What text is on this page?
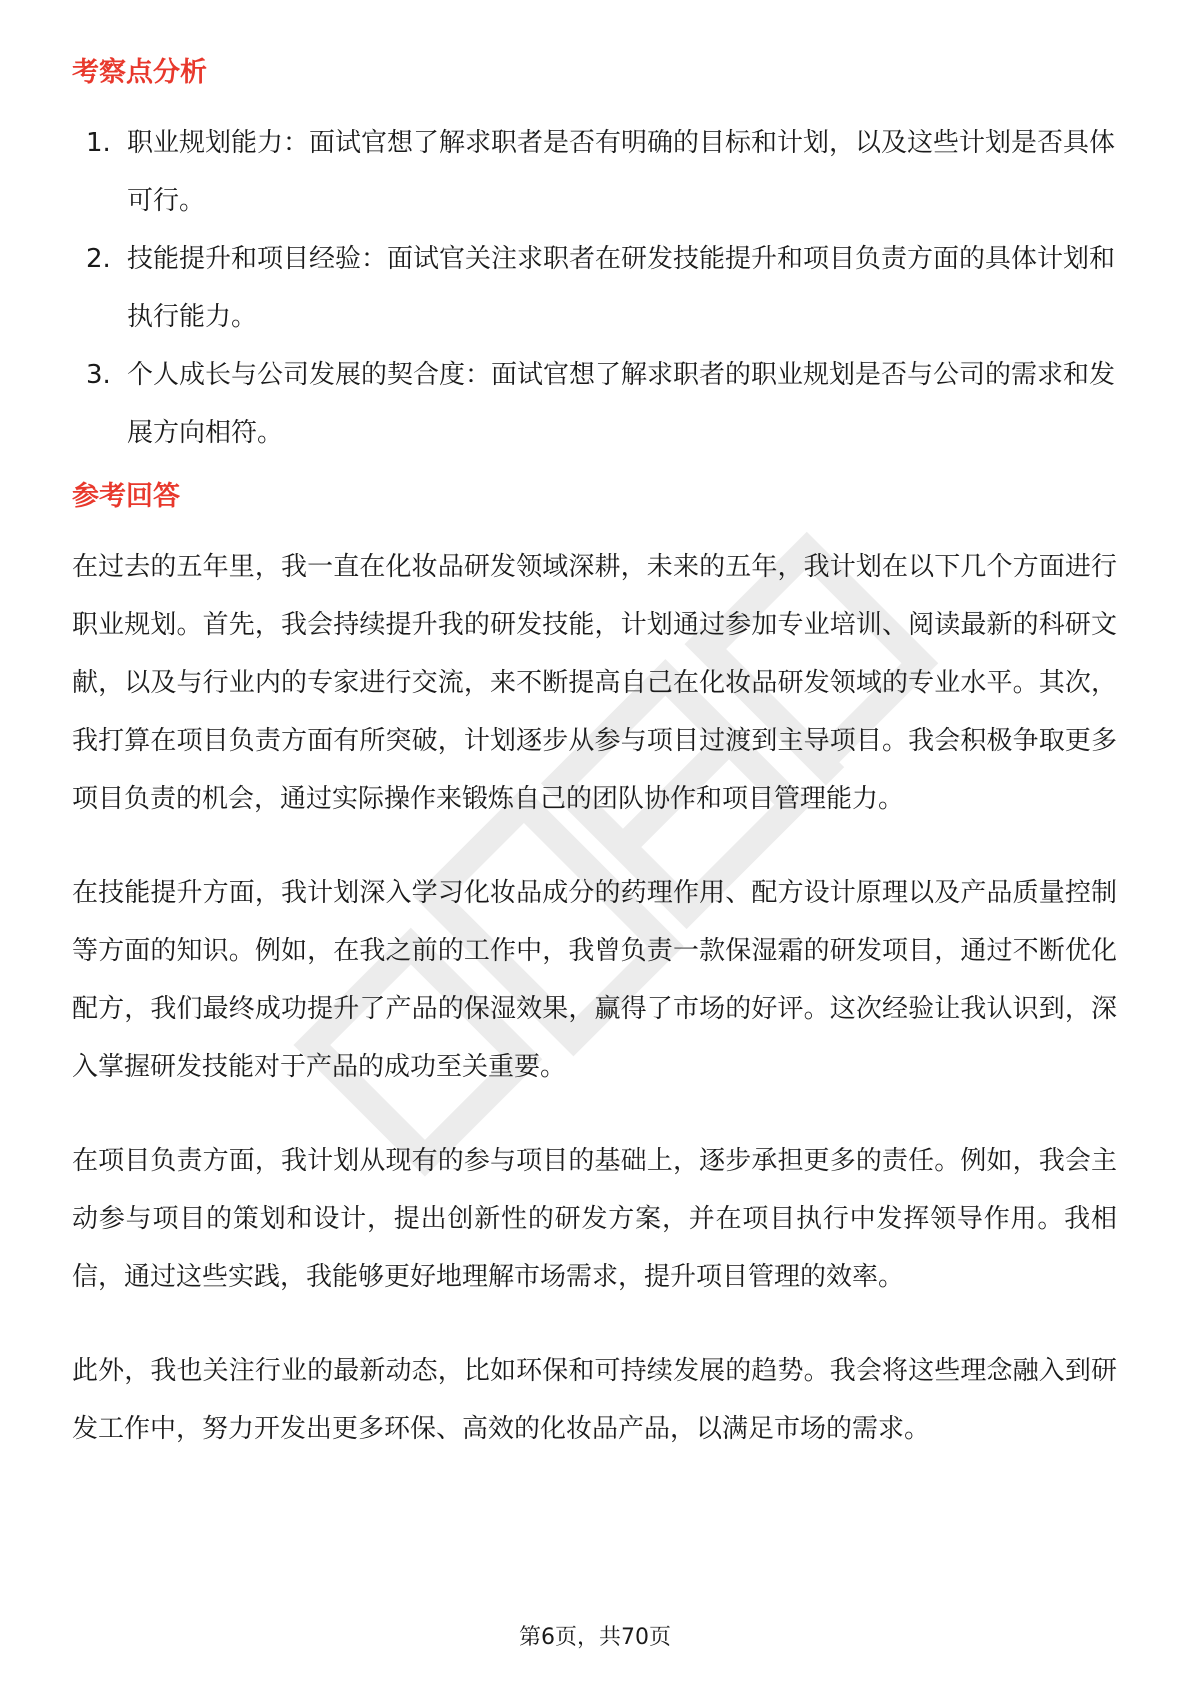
考察点分析
1. 职业规划能力：面试官想了解求职者是否有明确的目标和计划，以及这些计划是否具体可行。
2. 技能提升和项目经验：面试官关注求职者在研发技能提升和项目负责方面的具体计划和执行能力。
3. 个人成长与公司发展的契合度：面试官想了解求职者的职业规划是否与公司的需求和发展方向相符。
参考回答

在过去的五年里，我一直在化妆品研发领域深耕，未来的五年，我计划在以下几个方面进行职业规划。首先，我会持续提升我的研发技能，计划通过参加专业培训、阅读最新的科研文献，以及与行业内的专家进行交流，来不断提高自己在化妆品研发领域的专业水平。其次，我打算在项目负责方面有所突破，计划逐步从参与项目过渡到主导项目。我会积极争取更多项目负责的机会，通过实际操作来锻炼自己的团队协作和项目管理能力。

在技能提升方面，我计划深入学习化妆品成分的药理作用、配方设计原理以及产品质量控制等方面的知识。例如，在我之前的工作中，我曾负责一款保湿霜的研发项目，通过不断优化配方，我们最终成功提升了产品的保湿效果，赢得了市场的好评。这次经验让我认识到，深入掌握研发技能对于产品的成功至关重要。

在项目负责方面，我计划从现有的参与项目的基础上，逐步承担更多的责任。例如，我会主动参与项目的策划和设计，提出创新性的研发方案，并在项目执行中发挥领导作用。我相信，通过这些实践，我能够更好地理解市场需求，提升项目管理的效率。

此外，我也关注行业的最新动态，比如环保和可持续发展的趋势。我会将这些理念融入到研发工作中，努力开发出更多环保、高效的化妆品产品，以满足市场的需求。

第6页，共70页
